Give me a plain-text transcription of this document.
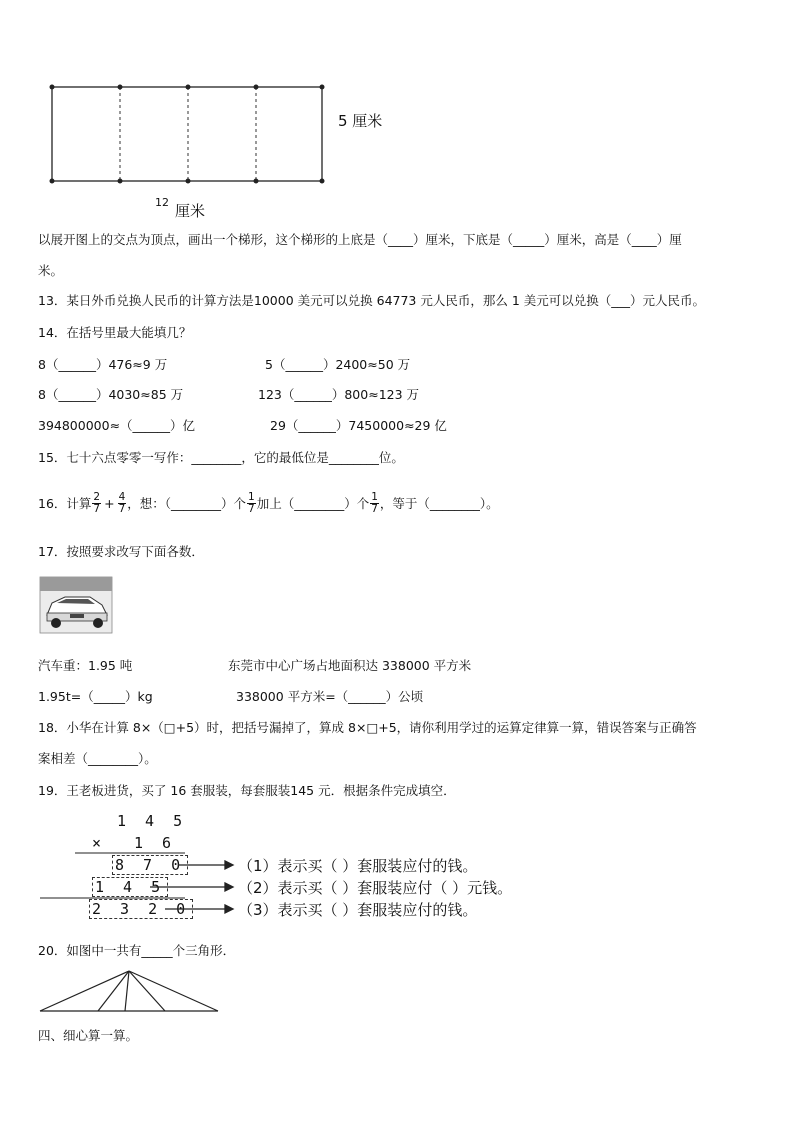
5 厘米
12 厘米
以展开图上的交点为顶点，画出一个梯形，这个梯形的上底是（____）厘米，下底是（_____）厘米，高是（____）厘
米。
13．某日外币兑换人民币的计算方法是10000 美元可以兑换 64773 元人民币，那么 1 美元可以兑换（___）元人民币。
14．在括号里最大能填几？
8（______）476≈9 万	5（______）2400≈50 万
8（______）4030≈85 万	123（______）800≈123 万
394800000≈（______）亿	29（______）7450000≈29 亿
15．七十六点零零一写作：________，它的最低位是________位。
16．计算 $\frac{2}{7} + \frac{4}{7}$ ，想：（________）个 $\frac{1}{7}$ 加上（________）个 $\frac{1}{7}$ ，等于（________）。
17．按照要求改写下面各数．
汽车重：1.95 吨	东莞市中心广场占地面积达 338000 平方米
1.95t=（_____）kg	338000 平方米=（______）公顷
18．小华在计算 8×（□+5）时，把括号漏掉了，算成 8×□+5，请你利用学过的运算定律算一算，错误答案与正确答
案相差（________）。
19．王老板进货，买了 16 套服装，每套服装145 元．根据条件完成填空．
1 4 5
× 1 6
8 7 0
1 4 5
2 3 2 0
（1）表示买（ ）套服装应付的钱。
（2）表示买（ ）套服装应付（ ）元钱。
（3）表示买（ ）套服装应付的钱。
20．如图中一共有_____个三角形．
四、细心算一算。
